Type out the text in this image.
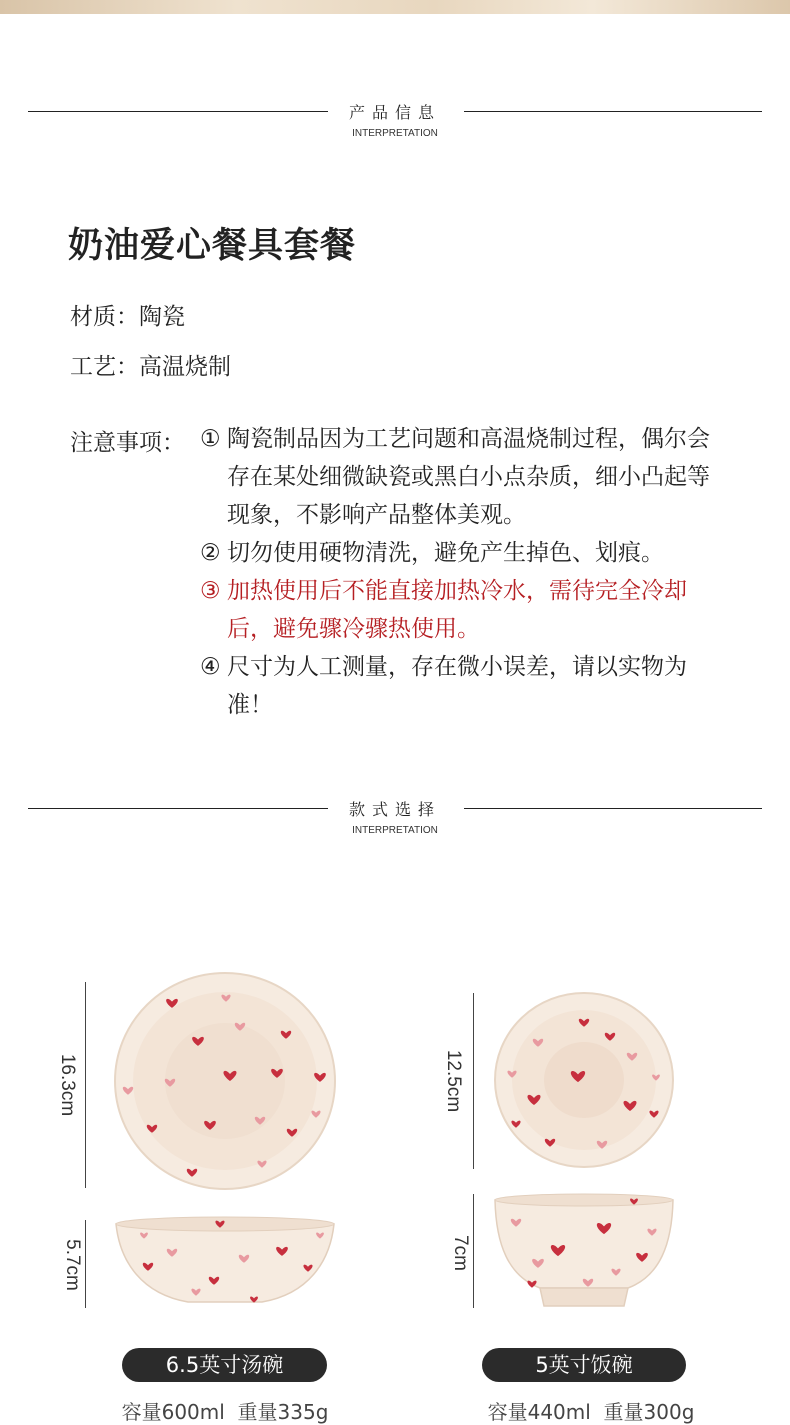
产品信息
INTERPRETATION
奶油爱心餐具套餐
材质：陶瓷
工艺：高温烧制
注意事项： ① 陶瓷制品因为工艺问题和高温烧制过程，偶尔会存在某处细微缺瓷或黑白小点杂质，细小凸起等现象，不影响产品整体美观。
② 切勿使用硬物清洗，避免产生掉色、划痕。
③ 加热使用后不能直接加热冷水，需待完全冷却后，避免骤冷骤热使用。
④ 尺寸为人工测量，存在微小误差，请以实物为准！
款式选择
INTERPRETATION
16.3cm
5.7cm
6.5英寸汤碗
容量600ml 重量335g
12.5cm
7cm
5英寸饭碗
容量440ml 重量300g
